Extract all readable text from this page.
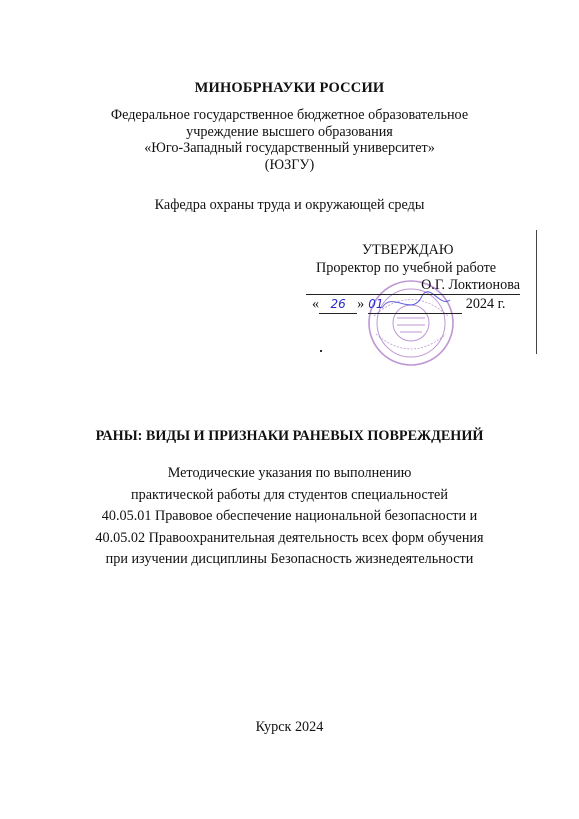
МИНОБРНАУКИ РОССИИ
Федеральное государственное бюджетное образовательное
учреждение высшего образования
«Юго-Западный государственный университет»
(ЮЗГУ)
Кафедра охраны труда и окружающей среды
УТВЕРЖДАЮ
Проректор по учебной работе
О.Г. Локтионова
« 26 » 01	2024 г.
РАНЫ: ВИДЫ И ПРИЗНАКИ РАНЕВЫХ ПОВРЕЖДЕНИЙ
Методические указания по выполнению
практической работы для студентов специальностей
40.05.01 Правовое обеспечение национальной безопасности и
40.05.02 Правоохранительная деятельность всех форм обучения
при изучении дисциплины Безопасность жизнедеятельности
Курск 2024
